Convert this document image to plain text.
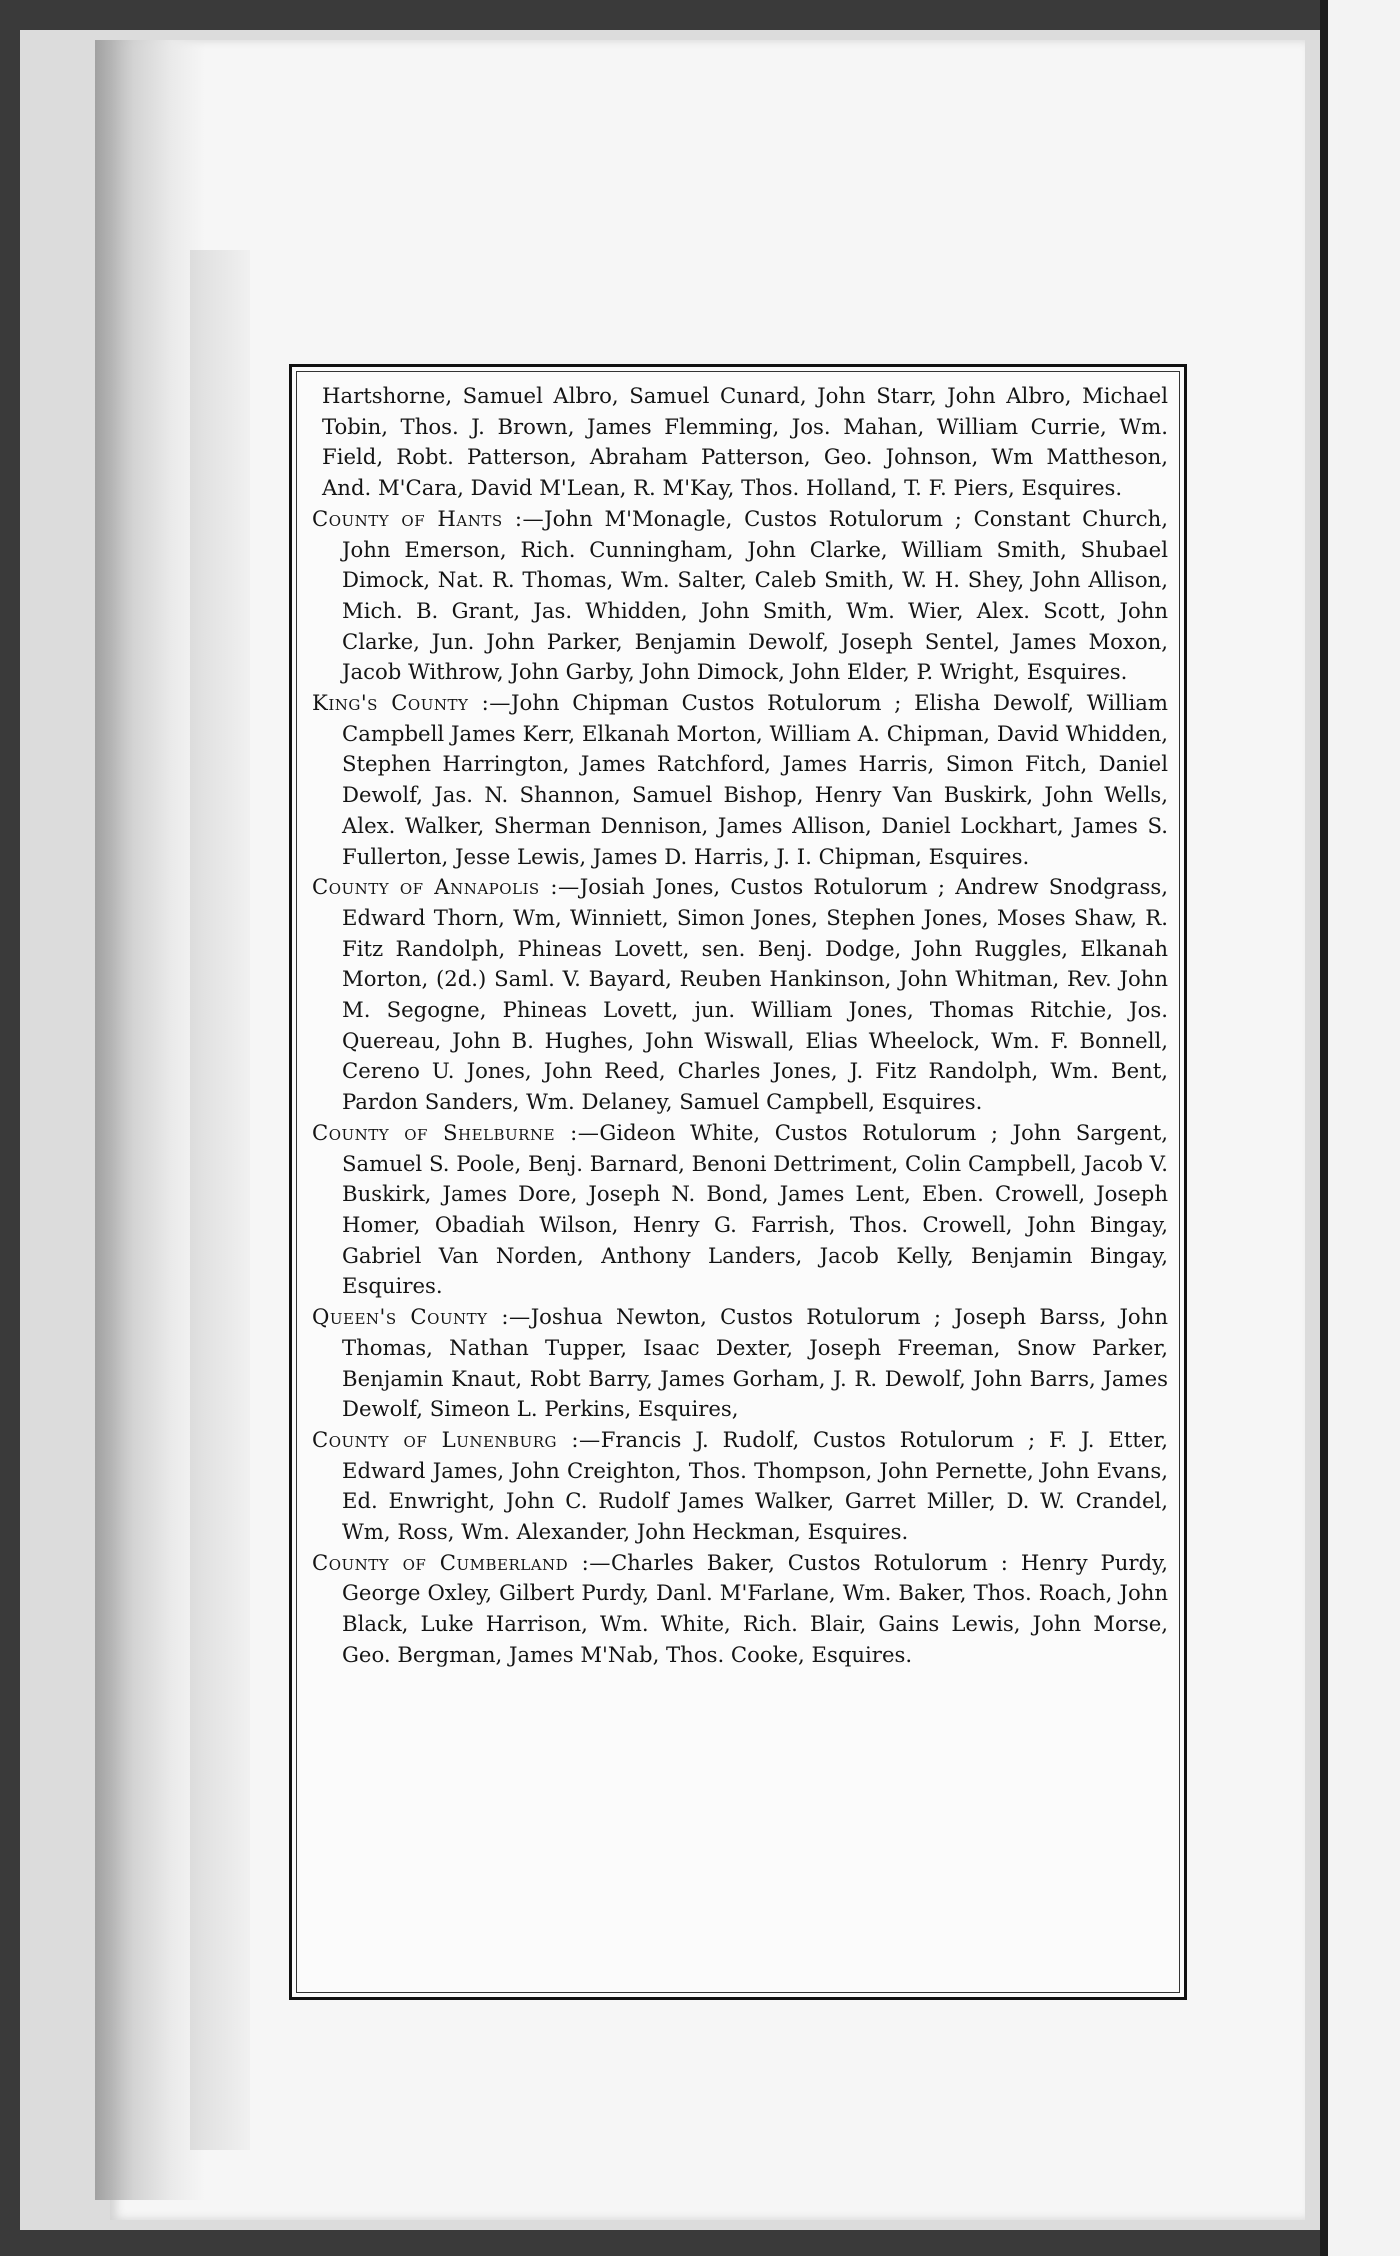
Hartshorne, Samuel Albro, Samuel Cunard, John Starr, John Albro, Michael Tobin, Thos. J. Brown, James Flemming, Jos. Mahan, William Currie, Wm. Field, Robt. Patterson, Abraham Patterson, Geo. Johnson, Wm Mattheson, And. M'Cara, David M'Lean, R. M'Kay, Thos. Holland, T. F. Piers, Esquires.

County of Hants :—John M'Monagle, Custos Rotulorum ; Constant Church, John Emerson, Rich. Cunningham, John Clarke, William Smith, Shubael Dimock, Nat. R. Thomas, Wm. Salter, Caleb Smith, W. H. Shey, John Allison, Mich. B. Grant, Jas. Whidden, John Smith, Wm. Wier, Alex. Scott, John Clarke, Jun. John Parker, Benjamin Dewolf, Joseph Sentel, James Moxon, Jacob Withrow, John Garby, John Dimock, John Elder, P. Wright, Esquires.

King's County :—John Chipman Custos Rotulorum ; Elisha Dewolf, William Campbell James Kerr, Elkanah Morton, William A. Chipman, David Whidden, Stephen Harrington, James Ratchford, James Harris, Simon Fitch, Daniel Dewolf, Jas. N. Shannon, Samuel Bishop, Henry Van Buskirk, John Wells, Alex. Walker, Sherman Dennison, James Allison, Daniel Lockhart, James S. Fullerton, Jesse Lewis, James D. Harris, J. I. Chipman, Esquires.

County of Annapolis :—Josiah Jones, Custos Rotulorum ; Andrew Snodgrass, Edward Thorn, Wm, Winniett, Simon Jones, Stephen Jones, Moses Shaw, R. Fitz Randolph, Phineas Lovett, sen. Benj. Dodge, John Ruggles, Elkanah Morton, (2d.) Saml. V. Bayard, Reuben Hankinson, John Whitman, Rev. John M. Segogne, Phineas Lovett, jun. William Jones, Thomas Ritchie, Jos. Quereau, John B. Hughes, John Wiswall, Elias Wheelock, Wm. F. Bonnell, Cereno U. Jones, John Reed, Charles Jones, J. Fitz Randolph, Wm. Bent, Pardon Sanders, Wm. Delaney, Samuel Campbell, Esquires.

County of Shelburne :—Gideon White, Custos Rotulorum ; John Sargent, Samuel S. Poole, Benj. Barnard, Benoni Dettriment, Colin Campbell, Jacob V. Buskirk, James Dore, Joseph N. Bond, James Lent, Eben. Crowell, Joseph Homer, Obadiah Wilson, Henry G. Farrish, Thos. Crowell, John Bingay, Gabriel Van Norden, Anthony Landers, Jacob Kelly, Benjamin Bingay, Esquires.

Queen's County :—Joshua Newton, Custos Rotulorum ; Joseph Barss, John Thomas, Nathan Tupper, Isaac Dexter, Joseph Freeman, Snow Parker, Benjamin Knaut, Robt Barry, James Gorham, J. R. Dewolf, John Barrs, James Dewolf, Simeon L. Perkins, Esquires,

County of Lunenburg :—Francis J. Rudolf, Custos Rotulorum ; F. J. Etter, Edward James, John Creighton, Thos. Thompson, John Pernette, John Evans, Ed. Enwright, John C. Rudolf James Walker, Garret Miller, D. W. Crandel, Wm, Ross, Wm. Alexander, John Heckman, Esquires.

County of Cumberland :—Charles Baker, Custos Rotulorum : Henry Purdy, George Oxley, Gilbert Purdy, Danl. M'Farlane, Wm. Baker, Thos. Roach, John Black, Luke Harrison, Wm. White, Rich. Blair, Gains Lewis, John Morse, Geo. Bergman, James M'Nab, Thos. Cooke, Esquires.
